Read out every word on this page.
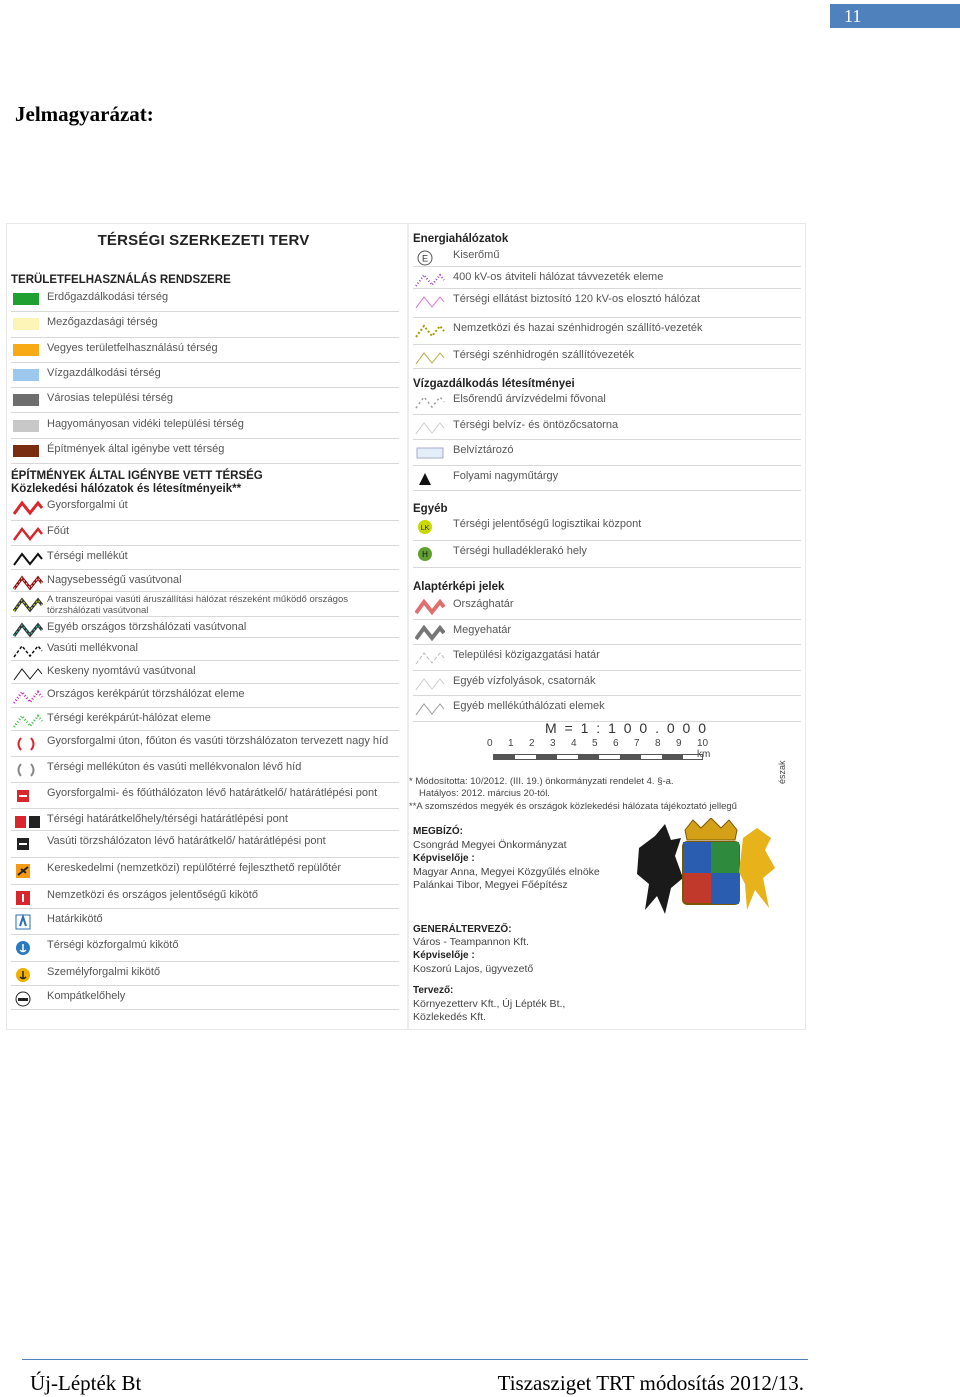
11
Jelmagyarázat:
TÉRSÉGI SZERKEZETI TERV
TERÜLETFELHASZNÁLÁS RENDSZERE
Erdőgazdálkodási térség
Mezőgazdasági térség
Vegyes területfelhasználású térség
Vízgazdálkodási térség
Városias települési térség
Hagyományosan vidéki települési térség
Építmények által igénybe vett térség
ÉPÍTMÉNYEK ÁLTAL IGÉNYBE VETT TÉRSÉG
Közlekedési hálózatok és létesítményeik**
Gyorsforgalmi út
Főút
Térségi mellékút
Nagysebességű vasútvonal
A transzeurópai vasúti áruszállítási hálózat részeként működő országos törzshálózati vasútvonal
Egyéb országos törzshálózati vasútvonal
Vasúti mellékvonal
Keskeny nyomtávú vasútvonal
Országos kerékpárút törzshálózat eleme
Térségi kerékpárút-hálózat eleme
Gyorsforgalmi úton, főúton és vasúti törzshálózaton tervezett nagy híd
Térségi mellékúton és vasúti mellékvonalon lévő híd
Gyorsforgalmi- és főúthálózaton lévő határátkelő/ határátlépési pont
Térségi határátkelőhely/térségi határátlépési pont
Vasúti törzshálózaton lévő határátkelő/ határátlépési pont
Kereskedelmi (nemzetközi) repülőtérré fejleszthető repülőtér
Nemzetközi és országos jelentőségű kikötő
Határkikötő
Térségi közforgalmú kikötő
Személyforgalmi kikötő
Kompátkelőhely
Energiahálózatok
E Kiserőmű
400 kV-os átviteli hálózat távvezeték eleme
Térségi ellátást biztosító 120 kV-os elosztó hálózat
Nemzetközi és hazai szénhidrogén szállító-vezeték
Térségi szénhidrogén szállítóvezeték
Vízgazdálkodás létesítményei
Elsőrendű árvízvédelmi fővonal
Térségi belvíz- és öntözőcsatorna
Belvíztározó
Folyami nagyműtárgy
Egyéb
LK Térségi jelentőségű logisztikai központ
H Térségi hulladéklerakó hely
Alaptérképi jelek
Országhatár
Megyehatár
Települési közigazgatási határ
Egyéb vízfolyások, csatornák
Egyéb mellékúthálózati elemek
M = 1 : 1 0 0 . 0 0 0
0 1 2 3 4 5 6 7 8 9 10 km
észak
* Módosította: 10/2012. (III. 19.) önkormányzati rendelet 4. §-a.
Hatályos: 2012. március 20-tól.
**A szomszédos megyék és országok közlekedési hálózata tájékoztató jellegű
MEGBÍZÓ:
Csongrád Megyei Önkormányzat
Képviselője :
Magyar Anna, Megyei Közgyűlés elnöke
Palánkai Tibor, Megyei Főépítész
GENERÁLTERVEZŐ:
Város - Teampannon Kft.
Képviselője :
Koszorú Lajos, ügyvezető
Tervező:
Környezetterv Kft., Új Lépték Bt.,
Közlekedés Kft.
Új-Lépték Bt	Tiszasziget TRT módosítás 2012/13.
